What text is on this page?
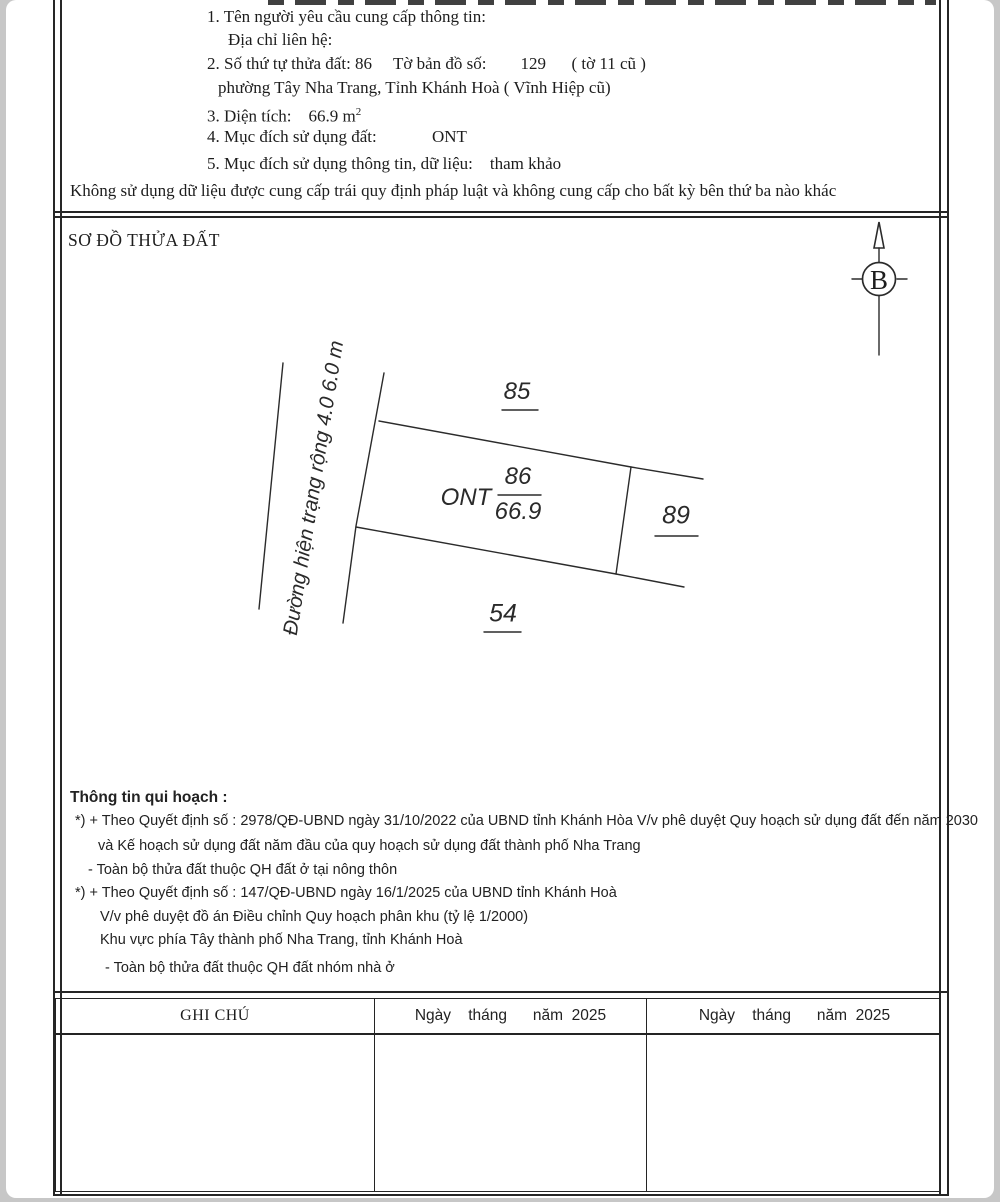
1. Tên người yêu cầu cung cấp thông tin:
Địa chỉ liên hệ:
2. Số thứ tự thửa đất: 86     Tờ bản đồ số:        129      ( tờ 11 cũ )
phường Tây Nha Trang, Tỉnh Khánh Hoà ( Vĩnh Hiệp cũ)
3. Diện tích:    66.9 $m^2$
4. Mục đích sử dụng đất:             ONT
5. Mục đích sử dụng thông tin, dữ liệu:    tham khảo
Không sử dụng dữ liệu được cung cấp trái quy định pháp luật và không cung cấp cho bất kỳ bên thứ ba nào khác
SƠ ĐỒ THỬA ĐẤT
B
85
ONT
86
66.9	89
54
Đường hiện trạng rộng 4.0 6.0 m
Thông tin qui hoạch :
*) + Theo Quyết định số : 2978/QĐ-UBND ngày 31/10/2022 của UBND tỉnh Khánh Hòa V/v phê duyệt Quy hoạch sử dụng đất đến năm 2030
và Kế hoạch sử dụng đất năm đầu của quy hoạch sử dụng đất thành phố Nha Trang
- Toàn bộ thửa đất thuộc QH đất ở tại nông thôn
*) + Theo Quyết định số : 147/QĐ-UBND ngày 16/1/2025 của UBND tỉnh Khánh Hoà
V/v phê duyệt đồ án Điều chỉnh Quy hoạch phân khu (tỷ lệ 1/2000)
Khu vực phía Tây thành phố Nha Trang, tỉnh Khánh Hoà
- Toàn bộ thửa đất thuộc QH đất nhóm nhà ở
GHI CHÚ	Ngày    tháng      năm  2025	Ngày    tháng      năm  2025
